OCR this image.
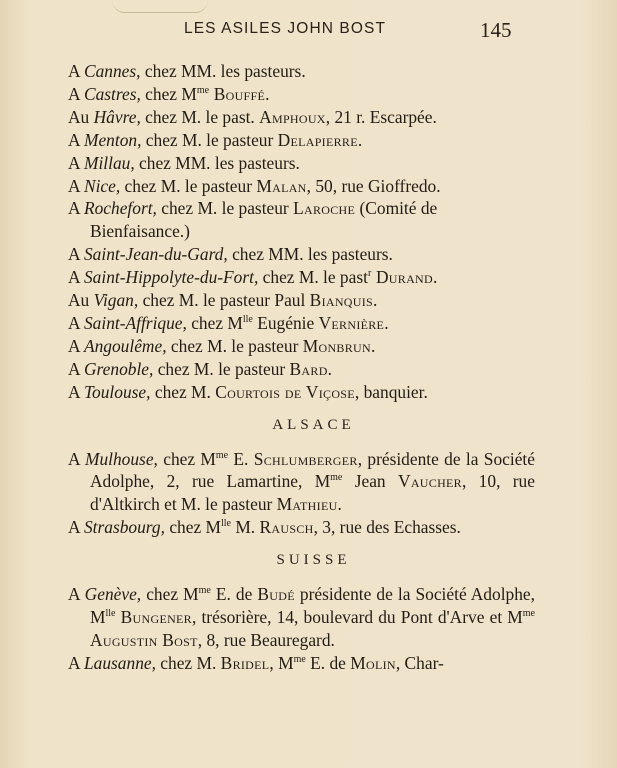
LES ASILES JOHN BOST	145
A Cannes, chez MM. les pasteurs.
A Castres, chez $M^{me}$ Bouffé.
Au Hâvre, chez M. le past. Amphoux, 21 r. Escarpée.
A Menton, chez M. le pasteur Delapierre.
A Millau, chez MM. les pasteurs.
A Nice, chez M. le pasteur Malan, 50, rue Gioffredo.
A Rochefort, chez M. le pasteur Laroche (Comité de Bienfaisance.)
A Saint-Jean-du-Gard, chez MM. les pasteurs.
A Saint-Hippolyte-du-Fort, chez M. le past$^r$ Durand.
Au Vigan, chez M. le pasteur Paul Bianquis.
A Saint-Affrique, chez $M^{lle}$ Eugénie Vernière.
A Angoulême, chez M. le pasteur Monbrun.
A Grenoble, chez M. le pasteur Bard.
A Toulouse, chez M. Courtois de Viçose, banquier.
ALSACE
A Mulhouse, chez $M^{me}$ E. Schlumberger, présidente de la Société Adolphe, 2, rue Lamartine, $M^{me}$ Jean Vaucher, 10, rue d'Altkirch et M. le pasteur Mathieu.
A Strasbourg, chez $M^{lle}$ M. Rausch, 3, rue des Echasses.
SUISSE
A Genève, chez $M^{me}$ E. de Budé présidente de la Société Adolphe, $M^{lle}$ Bungener, trésorière, 14, boulevard du Pont d'Arve et $M^{me}$ Augustin Bost, 8, rue Beauregard.
A Lausanne, chez M. Bridel, $M^{me}$ E. de Molin, Char-
